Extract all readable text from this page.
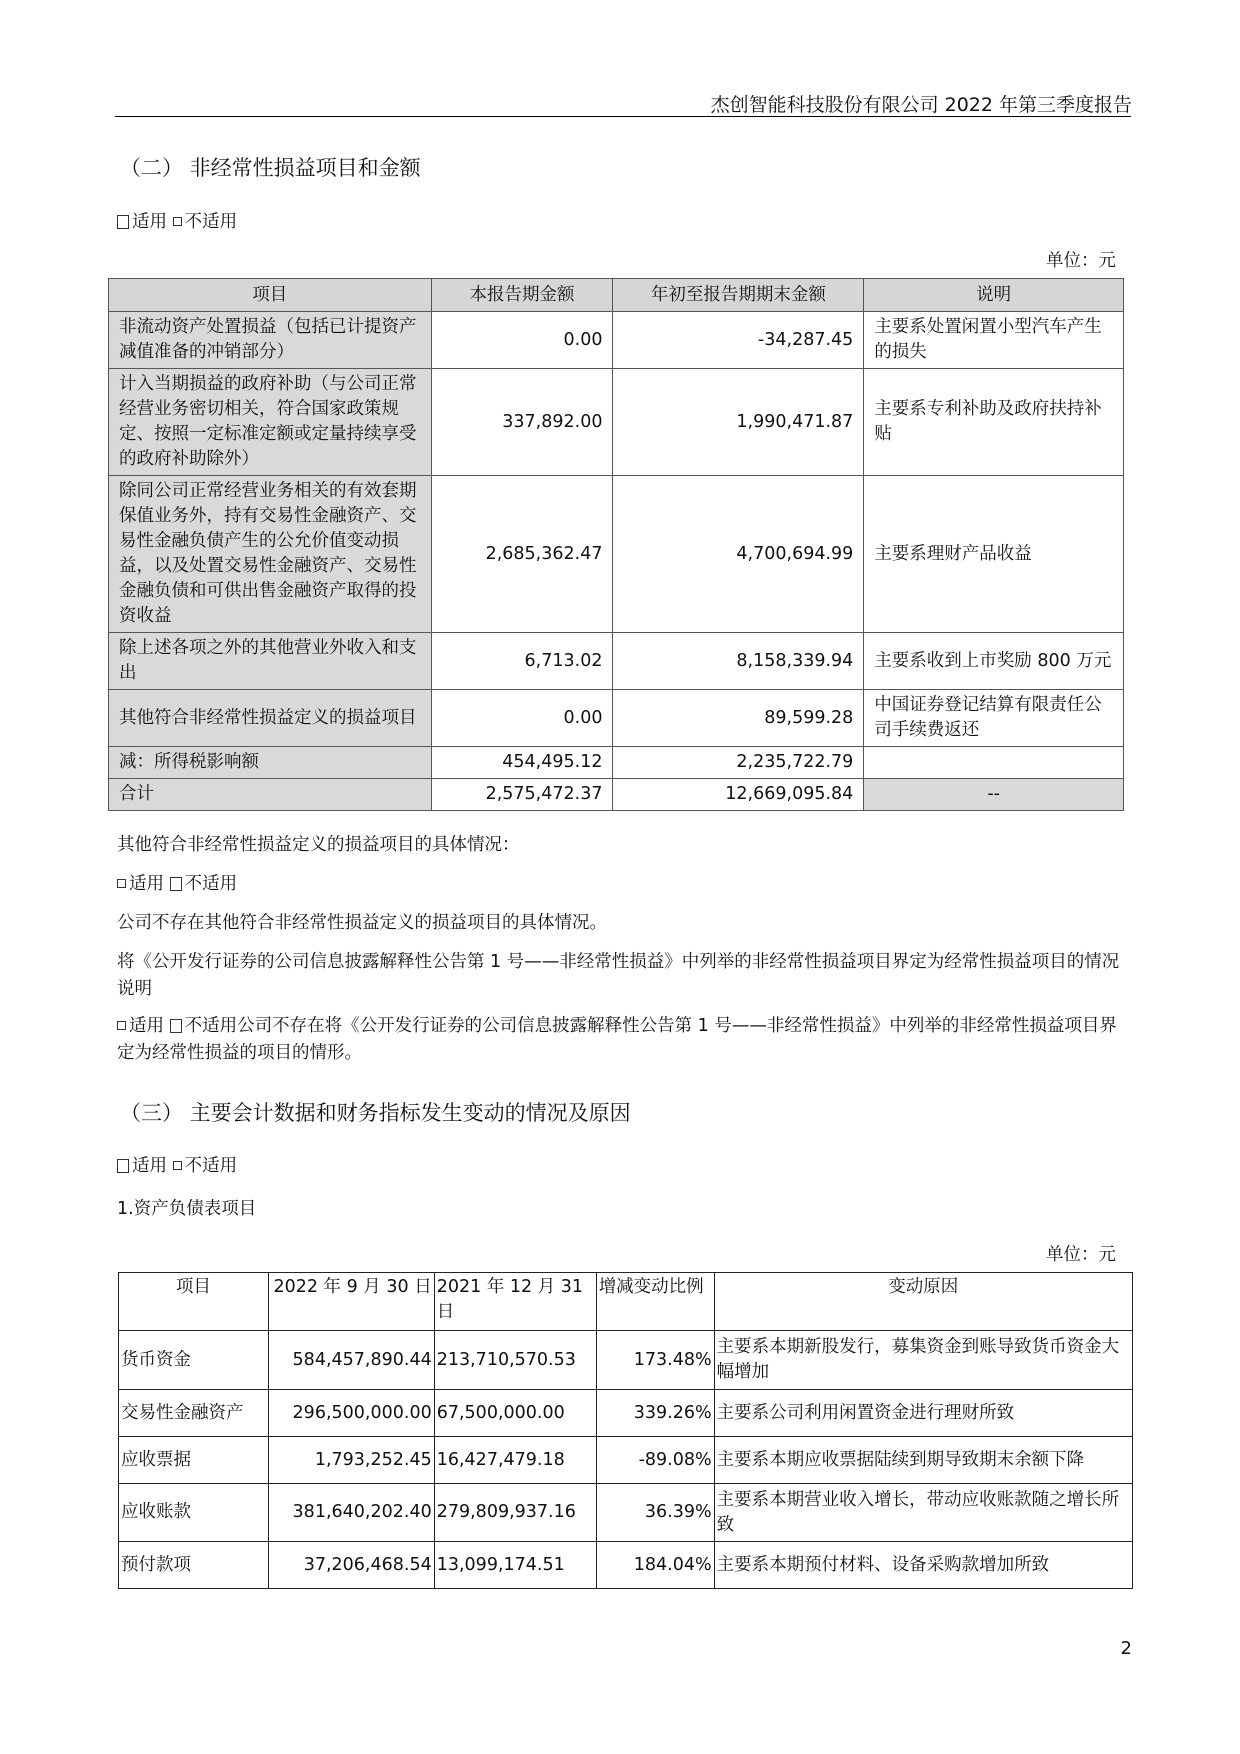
杰创智能科技股份有限公司 2022 年第三季度报告
（二） 非经常性损益项目和金额
适用 不适用
单位：元
项目	本报告期金额	年初至报告期期末金额	说明
非流动资产处置损益（包括已计提资产减值准备的冲销部分）	0.00	-34,287.45	主要系处置闲置小型汽车产生的损失
计入当期损益的政府补助（与公司正常经营业务密切相关，符合国家政策规定、按照一定标准定额或定量持续享受的政府补助除外）	337,892.00	1,990,471.87	主要系专利补助及政府扶持补贴
除同公司正常经营业务相关的有效套期保值业务外，持有交易性金融资产、交易性金融负债产生的公允价值变动损益，以及处置交易性金融资产、交易性金融负债和可供出售金融资产取得的投资收益	2,685,362.47	4,700,694.99	主要系理财产品收益
除上述各项之外的其他营业外收入和支出	6,713.02	8,158,339.94	主要系收到上市奖励 800 万元
其他符合非经常性损益定义的损益项目	0.00	89,599.28	中国证券登记结算有限责任公司手续费返还
减：所得税影响额	454,495.12	2,235,722.79	
合计	2,575,472.37	12,669,095.84	--
其他符合非经常性损益定义的损益项目的具体情况：
适用 不适用
公司不存在其他符合非经常性损益定义的损益项目的具体情况。
将《公开发行证券的公司信息披露解释性公告第 1 号——非经常性损益》中列举的非经常性损益项目界定为经常性损益项目的情况说明
适用 不适用公司不存在将《公开发行证券的公司信息披露解释性公告第 1 号——非经常性损益》中列举的非经常性损益项目界定为经常性损益的项目的情形。
（三） 主要会计数据和财务指标发生变动的情况及原因
适用 不适用
1.资产负债表项目
单位：元
项目	2022 年 9 月 30 日	2021 年 12 月 31 日	增减变动比例	变动原因
货币资金	584,457,890.44	213,710,570.53	173.48%	主要系本期新股发行，募集资金到账导致货币资金大幅增加
交易性金融资产	296,500,000.00	67,500,000.00	339.26%	主要系公司利用闲置资金进行理财所致
应收票据	1,793,252.45	16,427,479.18	-89.08%	主要系本期应收票据陆续到期导致期末余额下降
应收账款	381,640,202.40	279,809,937.16	36.39%	主要系本期营业收入增长，带动应收账款随之增长所致
预付款项	37,206,468.54	13,099,174.51	184.04%	主要系本期预付材料、设备采购款增加所致
2
